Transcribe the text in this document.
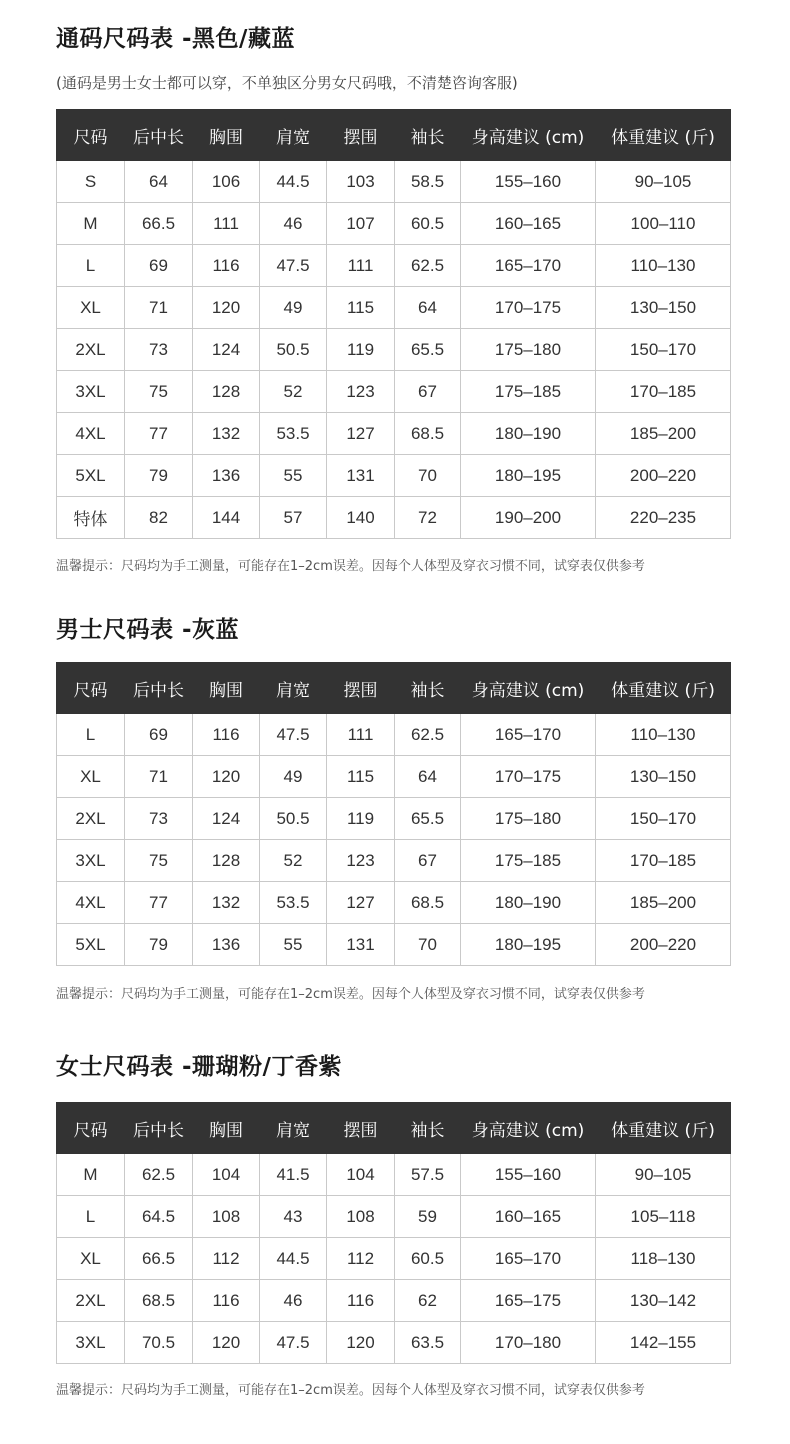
通码尺码表 -黑色/藏蓝
(通码是男士女士都可以穿，不单独区分男女尺码哦，不清楚咨询客服)
尺码	后中长	胸围	肩宽	摆围	袖长	身高建议 (cm)	体重建议 (斤)
S	64	106	44.5	103	58.5	155–160	90–105
M	66.5	111	46	107	60.5	160–165	100–110
L	69	116	47.5	111	62.5	165–170	110–130
XL	71	120	49	115	64	170–175	130–150
2XL	73	124	50.5	119	65.5	175–180	150–170
3XL	75	128	52	123	67	175–185	170–185
4XL	77	132	53.5	127	68.5	180–190	185–200
5XL	79	136	55	131	70	180–195	200–220
特体	82	144	57	140	72	190–200	220–235
温馨提示：尺码均为手工测量，可能存在1–2cm误差。因每个人体型及穿衣习惯不同，试穿表仅供参考
男士尺码表 -灰蓝
尺码	后中长	胸围	肩宽	摆围	袖长	身高建议 (cm)	体重建议 (斤)
L	69	116	47.5	111	62.5	165–170	110–130
XL	71	120	49	115	64	170–175	130–150
2XL	73	124	50.5	119	65.5	175–180	150–170
3XL	75	128	52	123	67	175–185	170–185
4XL	77	132	53.5	127	68.5	180–190	185–200
5XL	79	136	55	131	70	180–195	200–220
温馨提示：尺码均为手工测量，可能存在1–2cm误差。因每个人体型及穿衣习惯不同，试穿表仅供参考
女士尺码表 -珊瑚粉/丁香紫
尺码	后中长	胸围	肩宽	摆围	袖长	身高建议 (cm)	体重建议 (斤)
M	62.5	104	41.5	104	57.5	155–160	90–105
L	64.5	108	43	108	59	160–165	105–118
XL	66.5	112	44.5	112	60.5	165–170	118–130
2XL	68.5	116	46	116	62	165–175	130–142
3XL	70.5	120	47.5	120	63.5	170–180	142–155
温馨提示：尺码均为手工测量，可能存在1–2cm误差。因每个人体型及穿衣习惯不同，试穿表仅供参考
